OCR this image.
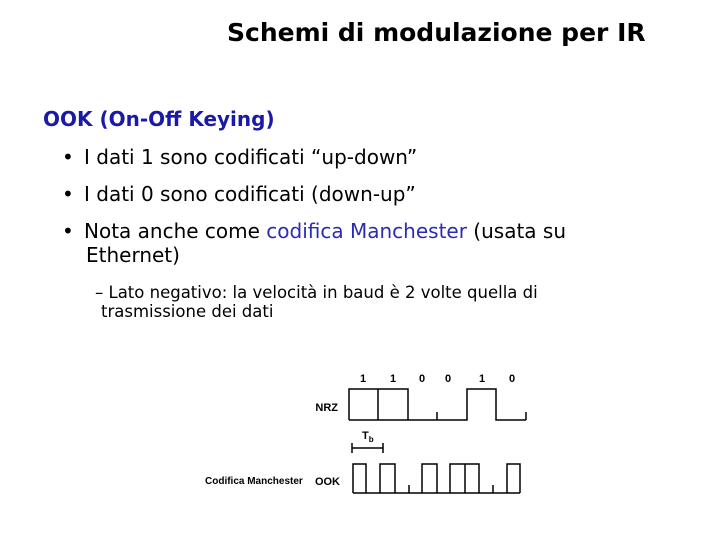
Schemi di modulazione per IR
OOK (On-Off Keying)
• I dati 1 sono codificati “up-down”
• I dati 0 sono codificati (down-up”
• Nota anche come codifica Manchester (usata su
Ethernet)
– Lato negativo: la velocità in baud è 2 volte quella di
trasmissione dei dati
1 1 0 0	1 0
NRZ
$T_b$
Codifica Manchester OOK
